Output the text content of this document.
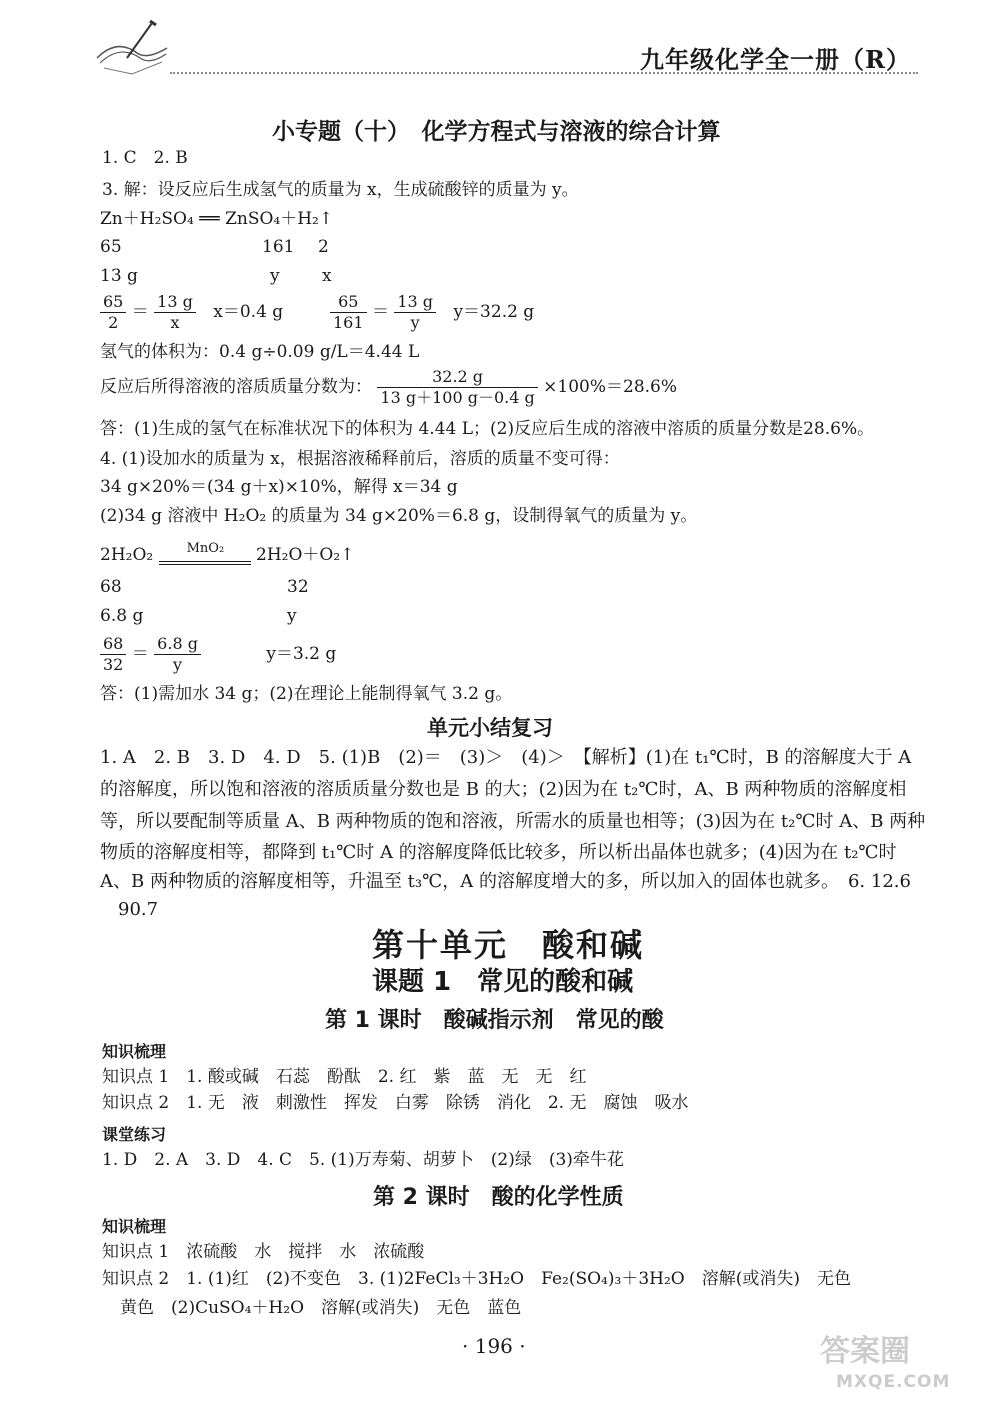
九年级化学全一册（R）
小专题（十）　化学方程式与溶液的综合计算
1. C　2. B
3. 解：设反应后生成氢气的质量为 x，生成硫酸锌的质量为 y。
Zn＋H₂SO₄ ══ ZnSO₄＋H₂↑
65	161 2
13 g	y x
$\frac{65}{2} = \frac{13 g}{x} x=0.4$ g	$\frac{65}{161} = \frac{13 g}{y} y=32.2$ g
氢气的体积为：0.4 g÷0.09 g/L＝4.44 L
反应后所得溶液的溶质质量分数为： $\frac{32.2 g}{13 g+100 g-0.4 g} \times 100\%=28.6\%$
答：(1)生成的氢气在标准状况下的体积为 4.44 L；(2)反应后生成的溶液中溶质的质量分数是28.6%。
4. (1)设加水的质量为 x，根据溶液稀释前后，溶质的质量不变可得：
34 g×20%＝(34 g＋x)×10%，解得 x＝34 g
(2)34 g 溶液中 H₂O₂ 的质量为 34 g×20%＝6.8 g，设制得氧气的质量为 y。
2H₂O₂	MnO₂ 2H₂O＋O₂↑
68	32
6.8 g	y
$\frac{68}{32} = \frac{6.8 g}{y}$	y＝3.2 g
答：(1)需加水 34 g；(2)在理论上能制得氧气 3.2 g。
单元小结复习
1. A　2. B　3. D　4. D　5. (1)B　(2)＝　(3)＞　(4)＞　【解析】(1)在 t₁℃时，B 的溶解度大于 A
的溶解度，所以饱和溶液的溶质质量分数也是 B 的大；(2)因为在 t₂℃时，A、B 两种物质的溶解度相
等，所以要配制等质量 A、B 两种物质的饱和溶液，所需水的质量也相等；(3)因为在 t₂℃时 A、B 两种
物质的溶解度相等，都降到 t₁℃时 A 的溶解度降低比较多，所以析出晶体也就多；(4)因为在 t₂℃时
A、B 两种物质的溶解度相等，升温至 t₃℃，A 的溶解度增大的多，所以加入的固体也就多。　6. 12.6
90.7
第十单元　酸和碱
课题 1　常见的酸和碱
第 1 课时　酸碱指示剂　常见的酸
知识梳理
知识点 1　1. 酸或碱　石蕊　酚酞　2. 红　紫　蓝　无　无　红
知识点 2　1. 无　液　刺激性　挥发　白雾　除锈　消化　2. 无　腐蚀　吸水
课堂练习
1. D　2. A　3. D　4. C　5. (1)万寿菊、胡萝卜　(2)绿　(3)牵牛花
第 2 课时　酸的化学性质
知识梳理
知识点 1　浓硫酸　水　搅拌　水　浓硫酸
知识点 2　1. (1)红　(2)不变色　3. (1)2FeCl₃＋3H₂O　Fe₂(SO₄)₃＋3H₂O　溶解(或消失)　无色
黄色　(2)CuSO₄＋H₂O　溶解(或消失)　无色　蓝色
· 196 ·	答案圈
MXQE.COM
